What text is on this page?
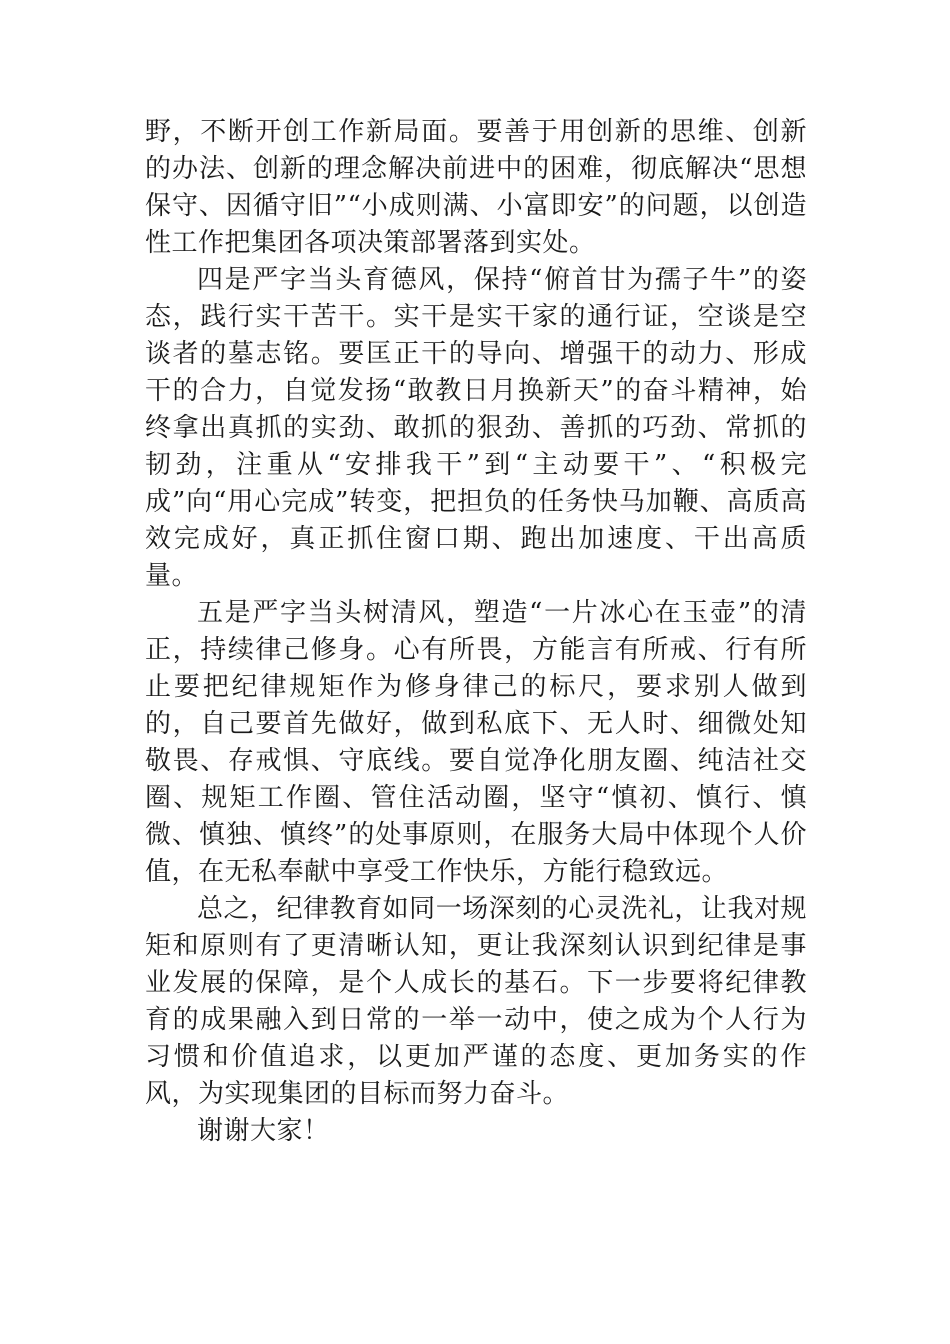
野，不断开创工作新局面。要善于用创新的思维、创新的办法、创新的理念解决前进中的困难，彻底解决“思想保守、因循守旧”“小成则满、小富即安”的问题，以创造性工作把集团各项决策部署落到实处。

四是严字当头育德风，保持“俯首甘为孺子牛”的姿态，践行实干苦干。实干是实干家的通行证，空谈是空谈者的墓志铭。要匡正干的导向、增强干的动力、形成干的合力，自觉发扬“敢教日月换新天”的奋斗精神，始终拿出真抓的实劲、敢抓的狠劲、善抓的巧劲、常抓的韧劲，注重从“安排我干”到“主动要干”、“积极完成”向“用心完成”转变，把担负的任务快马加鞭、高质高效完成好，真正抓住窗口期、跑出加速度、干出高质量。

五是严字当头树清风，塑造“一片冰心在玉壶”的清正，持续律己修身。心有所畏，方能言有所戒、行有所止要把纪律规矩作为修身律己的标尺，要求别人做到的，自己要首先做好，做到私底下、无人时、细微处知敬畏、存戒惧、守底线。要自觉净化朋友圈、纯洁社交圈、规矩工作圈、管住活动圈，坚守“慎初、慎行、慎微、慎独、慎终”的处事原则，在服务大局中体现个人价值，在无私奉献中享受工作快乐，方能行稳致远。

总之，纪律教育如同一场深刻的心灵洗礼，让我对规矩和原则有了更清晰认知，更让我深刻认识到纪律是事业发展的保障，是个人成长的基石。下一步要将纪律教育的成果融入到日常的一举一动中，使之成为个人行为习惯和价值追求，以更加严谨的态度、更加务实的作风，为实现集团的目标而努力奋斗。

谢谢大家！
